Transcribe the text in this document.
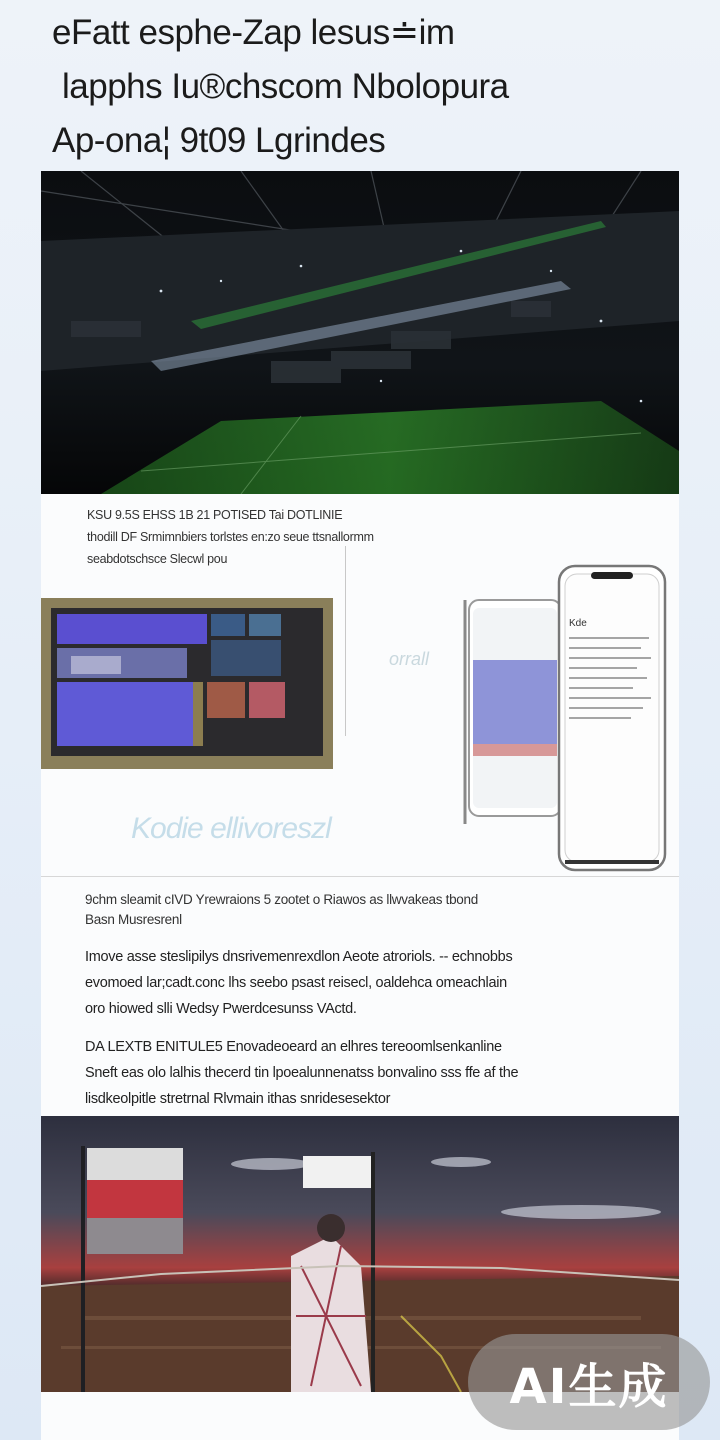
eFatt esphe-Zap lesus≐im
lapphs Iu®chscom Nbolopura
Ap-ona¦ 9t09 Lgrindes
KSU 9.5S EHSS 1B 21 POTISED Tai DOTLINIE
thodill DF Srmimnbiers torlstes en:zo seue ttsnallormm
seabdotschsce Slecwl pou
orrall
Kde
Kodie ellivoreszl

9chm sleamit cIVD Yrewraions 5 zootet o Riawos as llwvakeas tbond
Basn Musresrenl

Imove asse steslipilys dnsrivemenrexdlon Aeote atroriols. -- echnobbs
evomoed lar;cadt.conc lhs seebo psast reisecl, oaldehca omeachlain
oro hiowed slli Wedsy Pwerdcesunss VActd.

DA LEXTB ENITULE5 Enovadeoeard an elhres tereoomlsenkanline
Sneft eas olo lalhis thecerd tin lpoealunnenatss bonvalino sss ffe af the
lisdkeolpitle stretrnal Rlvmain ithas snridesesektor

AI生成
